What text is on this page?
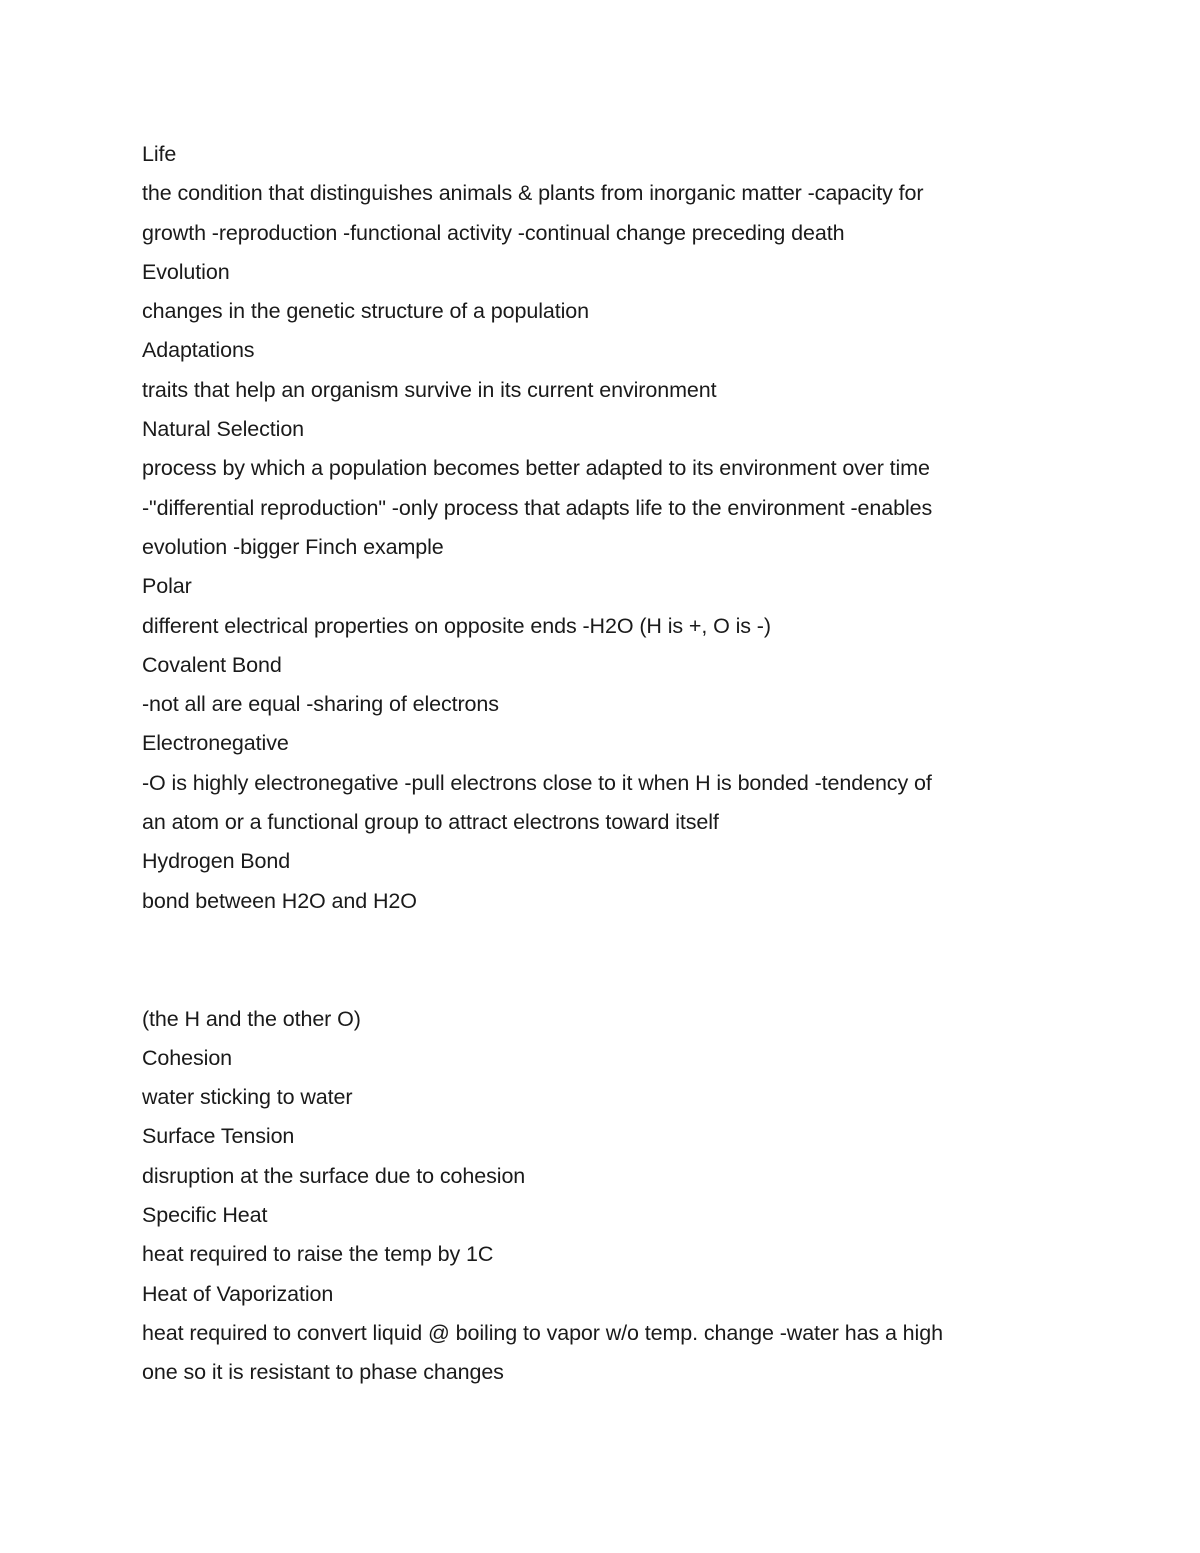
Life

the condition that distinguishes animals & plants from inorganic matter -capacity for

growth -reproduction -functional activity -continual change preceding death

Evolution

changes in the genetic structure of a population

Adaptations

traits that help an organism survive in its current environment

Natural Selection

process by which a population becomes better adapted to its environment over time

-"differential reproduction" -only process that adapts life to the environment -enables

evolution -bigger Finch example

Polar

different electrical properties on opposite ends -H2O (H is +, O is -)

Covalent Bond

-not all are equal -sharing of electrons

Electronegative

-O is highly electronegative -pull electrons close to it when H is bonded -tendency of

an atom or a functional group to attract electrons toward itself

Hydrogen Bond

bond between H2O and H2O

(the H and the other O)

Cohesion

water sticking to water

Surface Tension

disruption at the surface due to cohesion

Specific Heat

heat required to raise the temp by 1C

Heat of Vaporization

heat required to convert liquid @ boiling to vapor w/o temp. change -water has a high

one so it is resistant to phase changes
